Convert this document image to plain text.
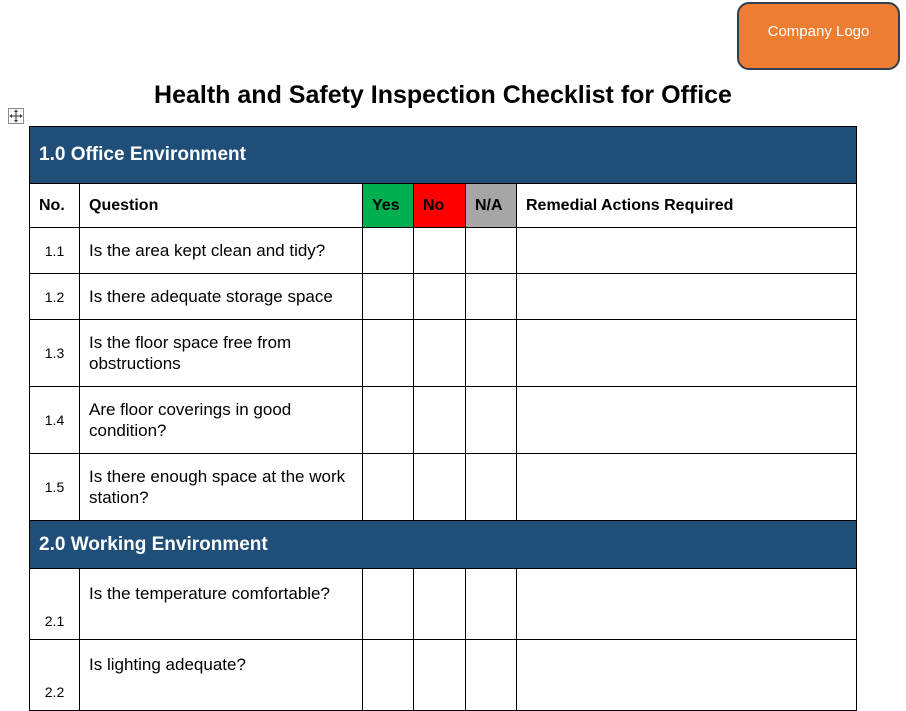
Company Logo
Health and Safety Inspection Checklist for Office
1.0 Office Environment					
No.	Question	Yes	No	N/A	Remedial Actions Required
1.1	Is the area kept clean and tidy?				
1.2	Is there adequate storage space				
1.3	Is the floor space free from obstructions				
1.4	Are floor coverings in good condition?				
1.5	Is there enough space at the work station?				
2.0 Working Environment					
2.1	Is the temperature comfortable?				
2.2	Is lighting adequate?				
